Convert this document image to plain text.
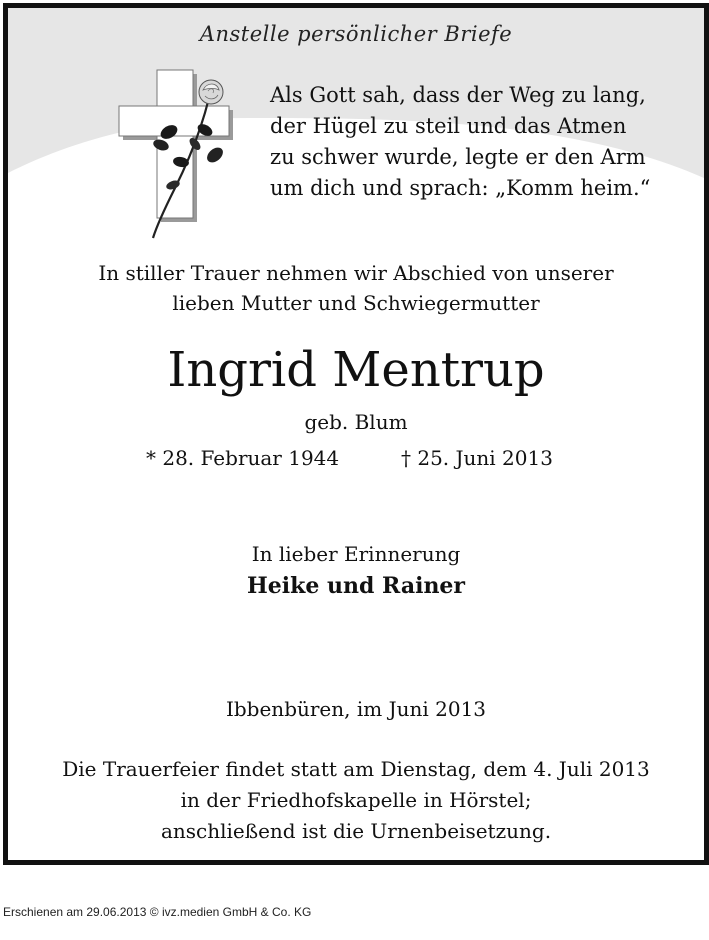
Anstelle persönlicher Briefe
Als Gott sah, dass der Weg zu lang,
der Hügel zu steil und das Atmen
zu schwer wurde, legte er den Arm
um dich und sprach: „Komm heim.“
In stiller Trauer nehmen wir Abschied von unserer
lieben Mutter und Schwiegermutter
Ingrid Mentrup
geb. Blum
* 28. Februar 1944	† 25. Juni 2013
In lieber Erinnerung
Heike und Rainer
Ibbenbüren, im Juni 2013
Die Trauerfeier findet statt am Dienstag, dem 4. Juli 2013
in der Friedhofskapelle in Hörstel;
anschließend ist die Urnenbeisetzung.
Erschienen am 29.06.2013 © ivz.medien GmbH & Co. KG
